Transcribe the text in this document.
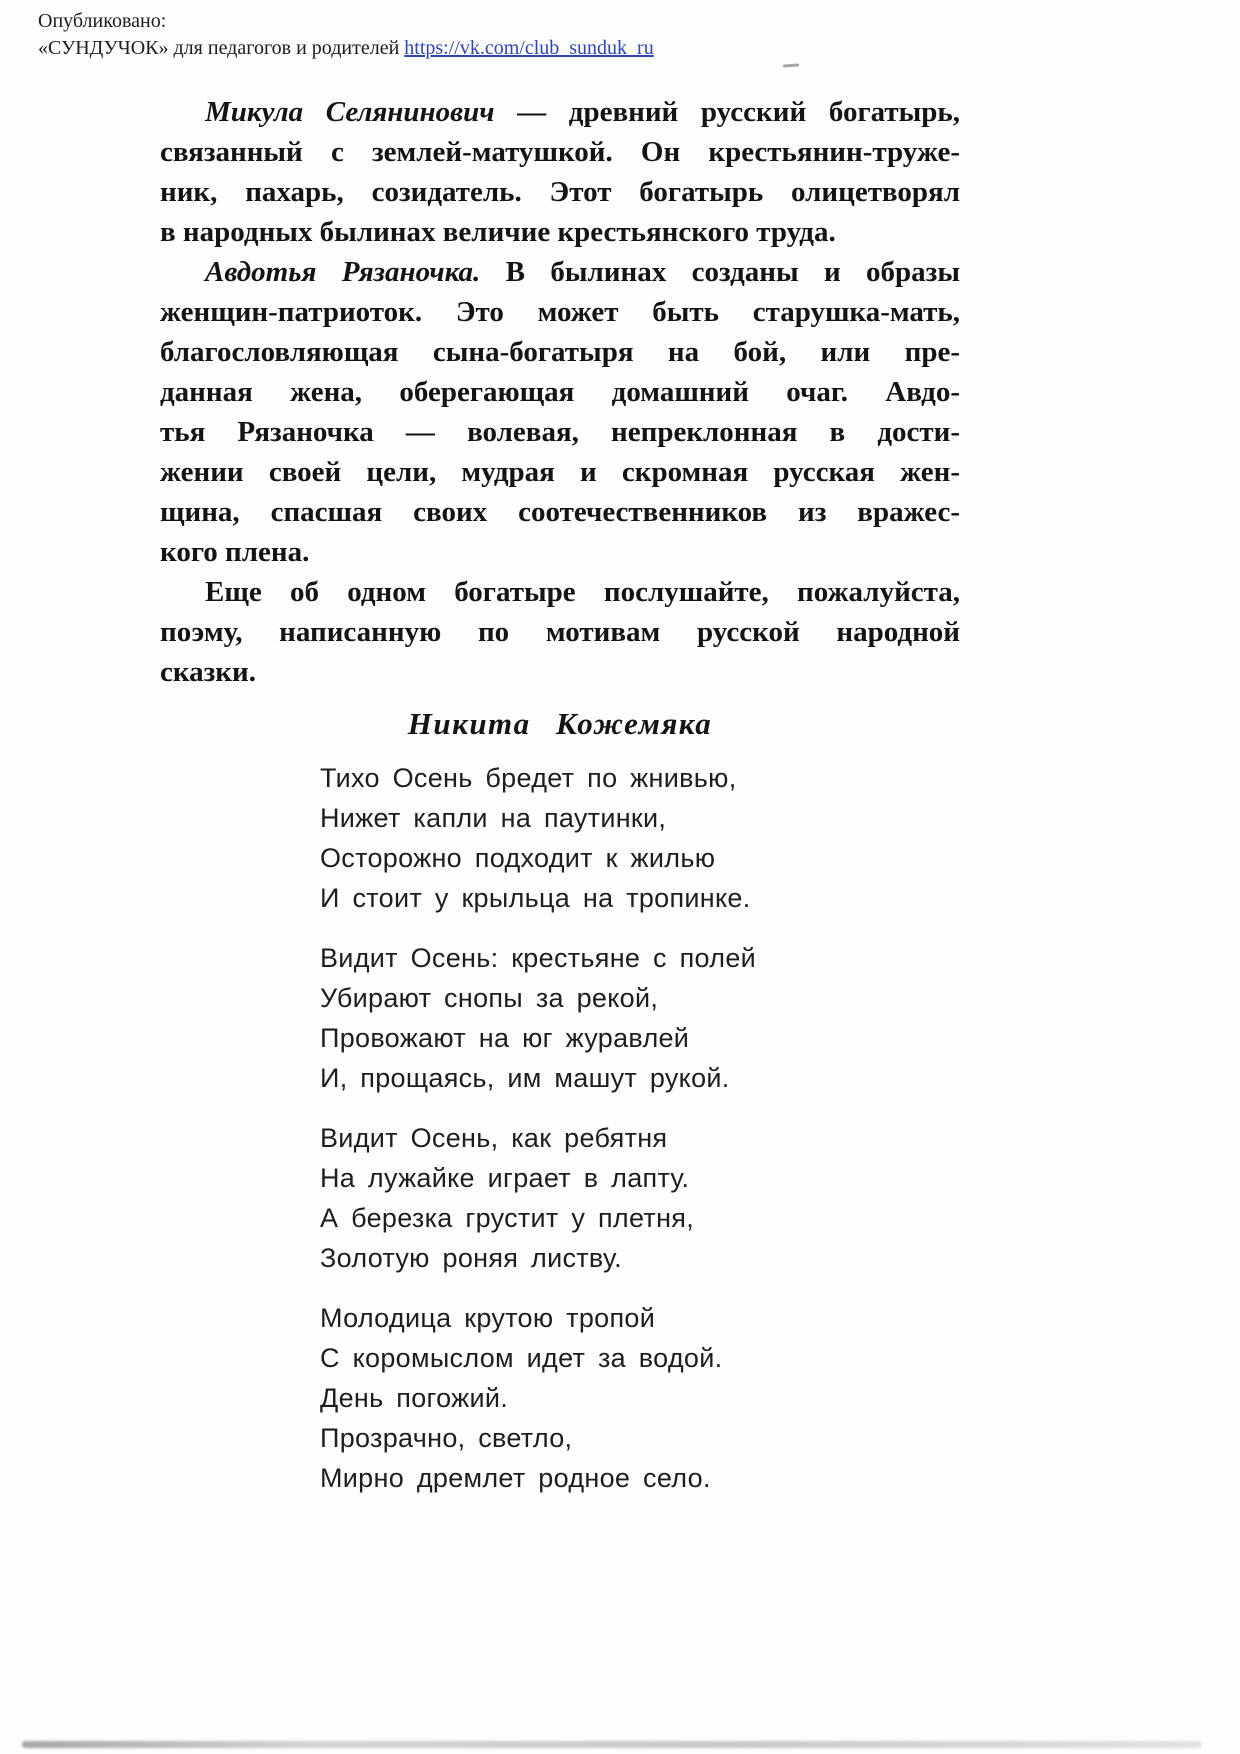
Опубликовано:
«СУНДУЧОК» для педагогов и родителей https://vk.com/club_sunduk_ru
Микула Селянинович — древний русский богатырь,
связанный с землей-матушкой. Он крестьянин-труже-
ник, пахарь, созидатель. Этот богатырь олицетворял
в народных былинах величие крестьянского труда.
Авдотья Рязаночка. В былинах созданы и образы
женщин-патриоток. Это может быть старушка-мать,
благословляющая сына-богатыря на бой, или пре-
данная жена, оберегающая домашний очаг. Авдо-
тья Рязаночка — волевая, непреклонная в дости-
жении своей цели, мудрая и скромная русская жен-
щина, спасшая своих соотечественников из вражес-
кого плена.
Еще об одном богатыре послушайте, пожалуйста,
поэму, написанную по мотивам русской народной
сказки.
Никита Кожемяка
Тихо Осень бредет по жнивью,
Нижет капли на паутинки,
Осторожно подходит к жилью
И стоит у крыльца на тропинке.
Видит Осень: крестьяне с полей
Убирают снопы за рекой,
Провожают на юг журавлей
И, прощаясь, им машут рукой.
Видит Осень, как ребятня
На лужайке играет в лапту.
А березка грустит у плетня,
Золотую роняя листву.
Молодица крутою тропой
С коромыслом идет за водой.
День погожий.
Прозрачно, светло,
Мирно дремлет родное село.
